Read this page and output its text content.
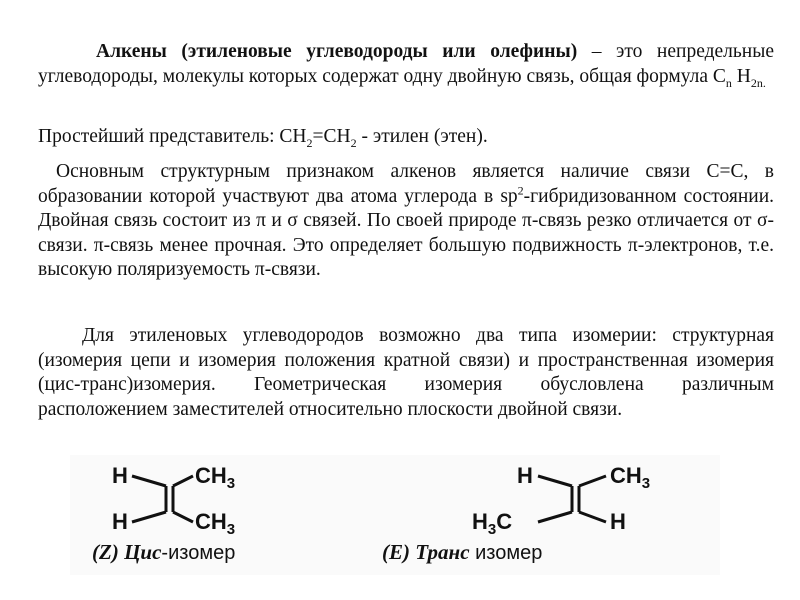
Алкены (этиленовые углеводороды или олефины) – это непредельные углеводороды, молекулы которых содержат одну двойную связь, общая формула $C_n$ $H_{2n.}$

Простейший представитель: $CH_2=CH_2$ - этилен (этен).

Основным структурным признаком алкенов является наличие связи C=C, в образовании которой участвуют два атома углерода в $sp^2$-гибридизованном состоянии. Двойная связь состоит из π и σ связей. По своей природе π-связь резко отличается от σ-связи. π-связь менее прочная. Это определяет большую подвижность π-электронов, т.е. высокую поляризуемость π-связи.

Для этиленовых углеводородов возможно два типа изомерии: структурная (изомерия цепи и изомерия положения кратной связи) и пространственная изомерия (цис-транс)изомерия. Геометрическая изомерия обусловлена различным расположением заместителей относительно плоскости двойной связи.

H	$CH_3$
H	$CH_3$
H	$CH_3$
$H_3C$	H
(Z) Цис-изомер	(E) Транс изомер
